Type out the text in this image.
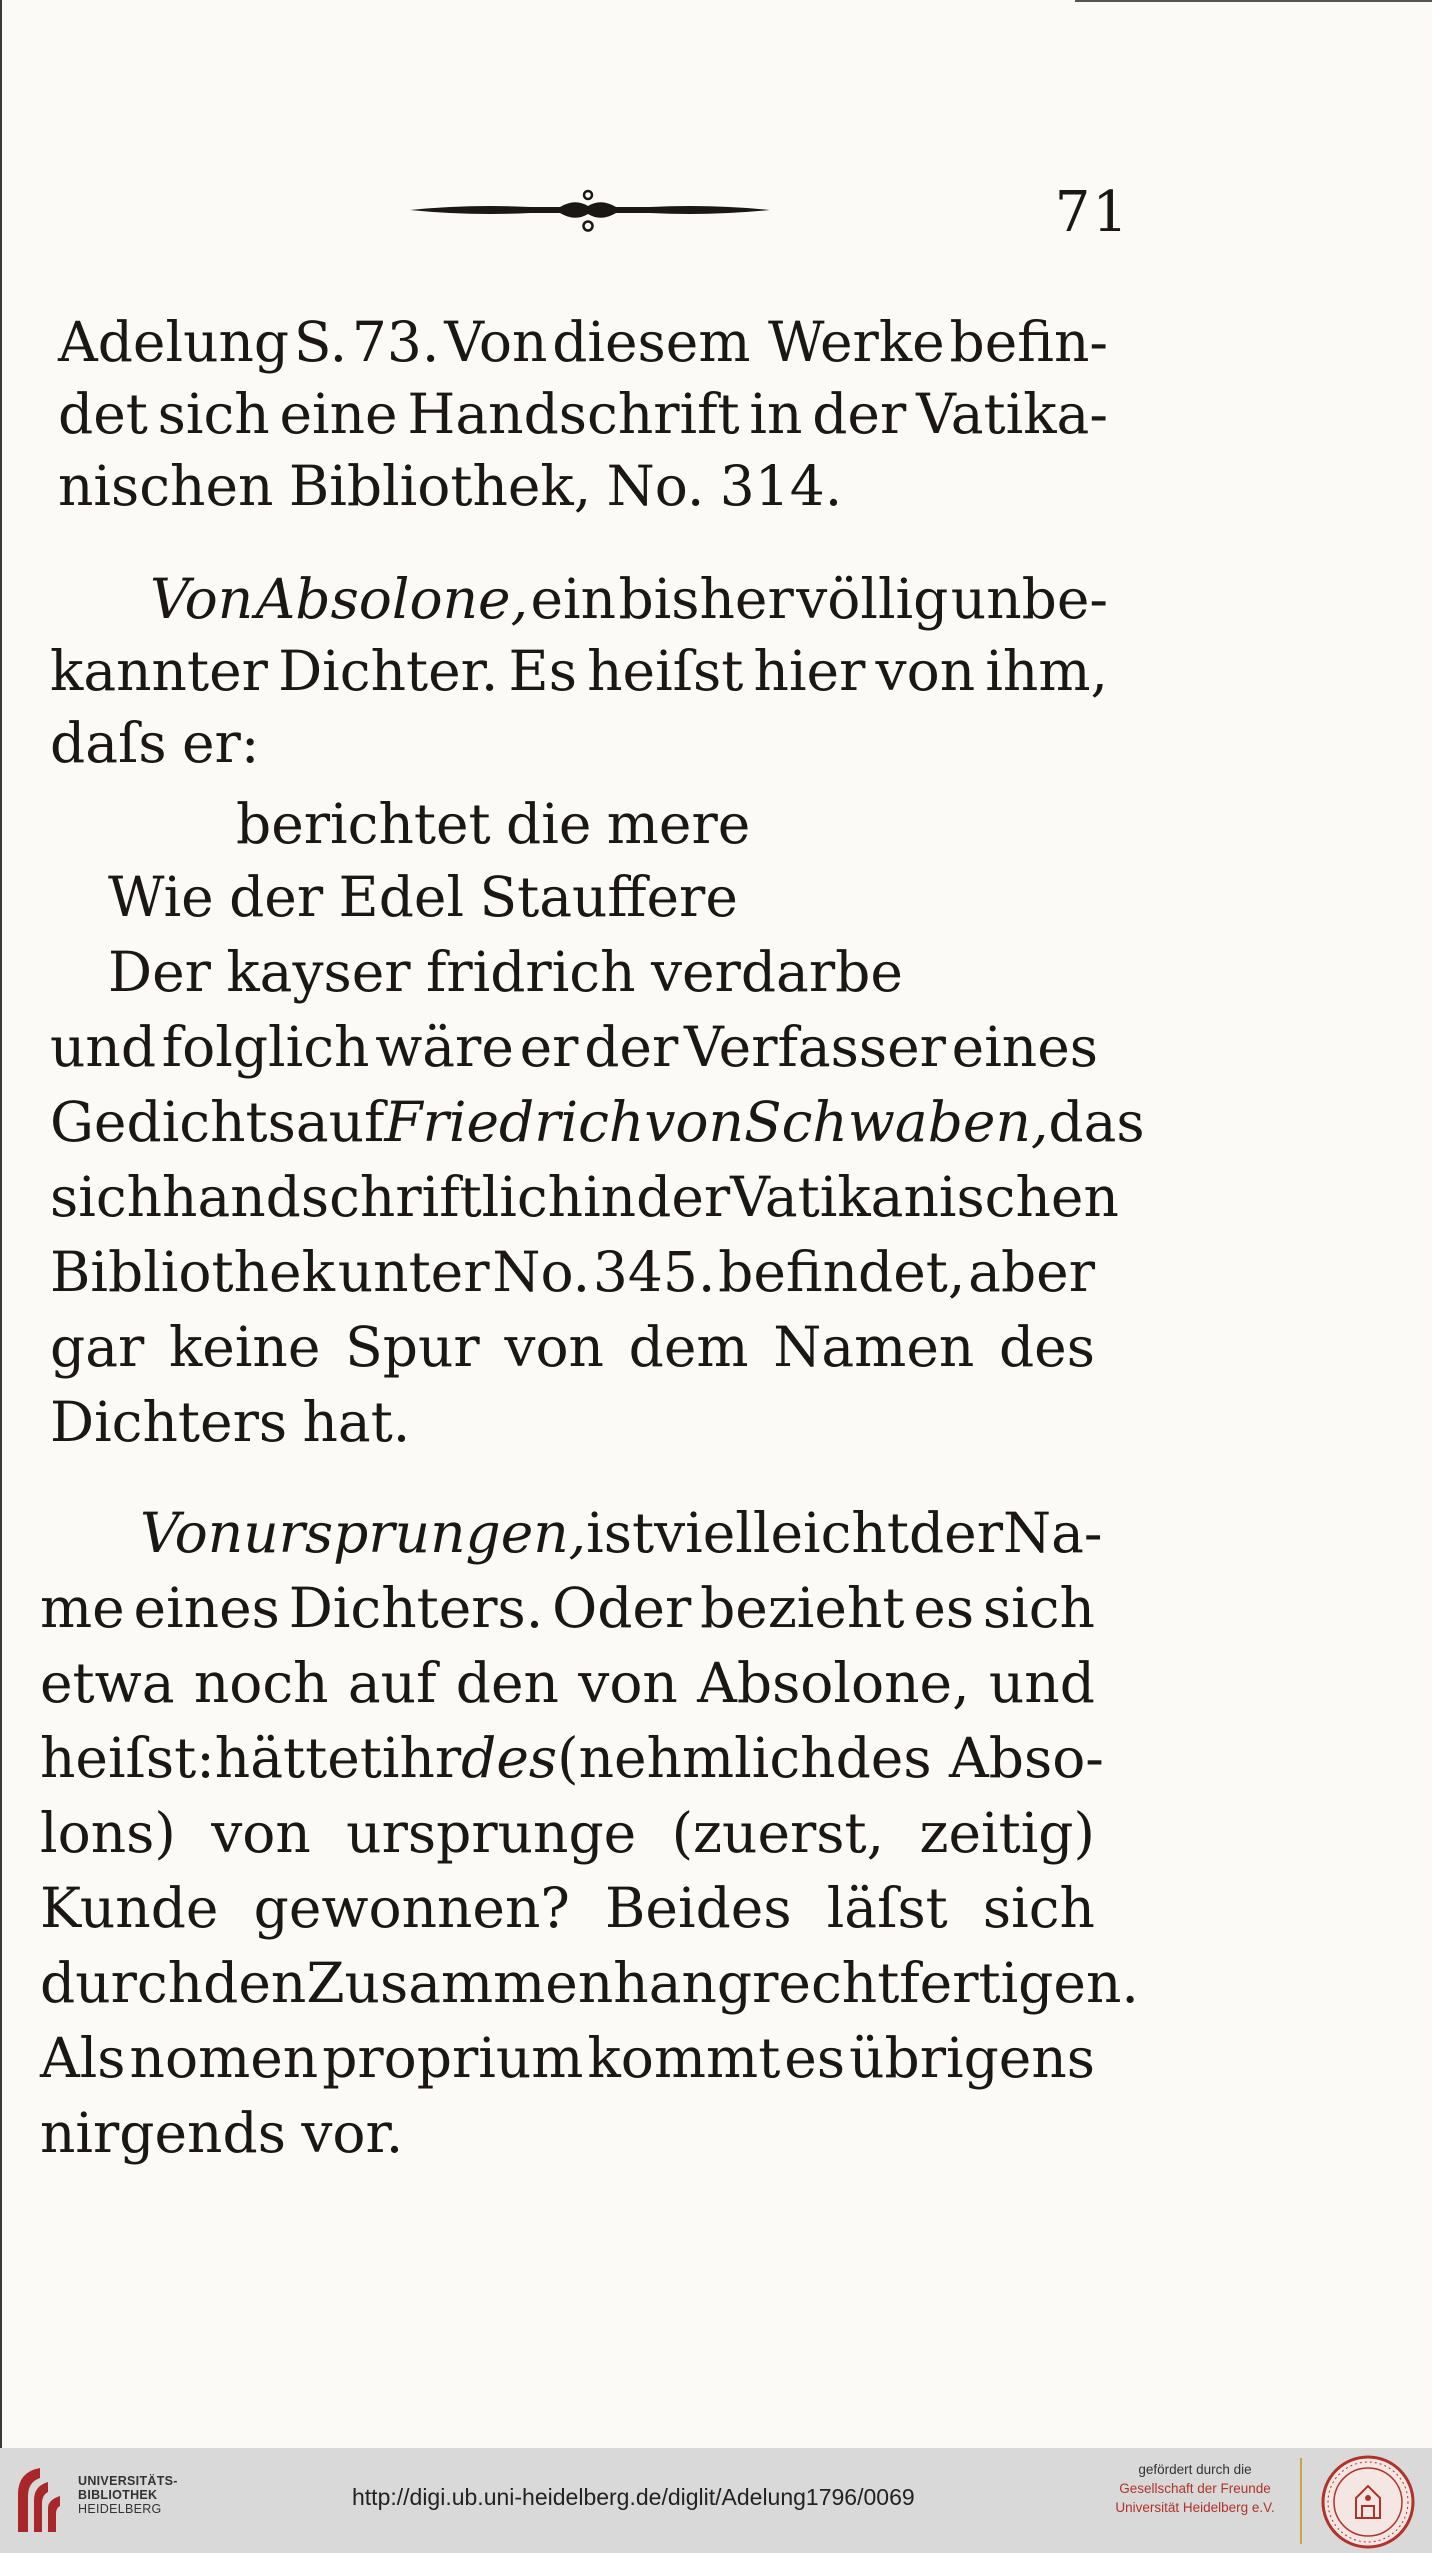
71
Adelung S. 73. Von diesem Werke befin-
det sich eine Handschrift in der Vatika-
nischen Bibliothek, No. 314.
Von Absolone, ein bisher völlig unbe-
kannter Dichter. Es heiſst hier von ihm,
daſs er:
berichtet die mere
Wie der Edel Stauffere
Der kayser fridrich verdarbe
und folglich wäre er der Verfasser eines
Gedichts auf Friedrich von Schwaben, das
sich handschriftlich in der Vatikanischen
Bibliothek unter No. 345. befindet, aber
gar keine Spur von dem Namen des
Dichters hat.
Von ursprungen, ist vielleicht der Na-
me eines Dichters. Oder bezieht es sich
etwa noch auf den von Absolone, und
heiſst: hättet ihr des (nehmlich des Abso-
lons) von ursprunge (zuerst, zeitig)
Kunde gewonnen? Beides läſst sich
durch den Zusammenhang rechtfertigen.
Als nomen proprium kommt es übrigens
nirgends vor.
UNIVERSITÄTS-
BIBLIOTHEK
HEIDELBERG	http://digi.ub.uni-heidelberg.de/diglit/Adelung1796/0069
gefördert durch die
Gesellschaft der Freunde
Universität Heidelberg e.V.
